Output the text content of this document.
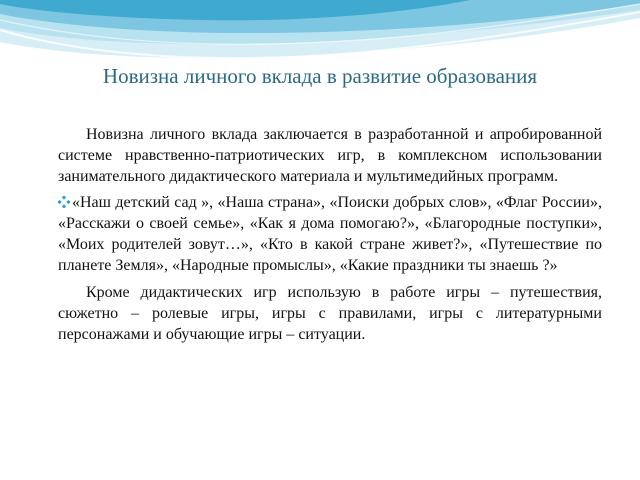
Новизна личного вклада в развитие образования

Новизна личного вклада заключается в разработанной и апробированной системе нравственно-патриотических игр, в комплексном использовании занимательного дидактического материала и мультимедийных программ.

«Наш детский сад », «Наша страна», «Поиски добрых слов», «Флаг России», «Расскажи о своей семье», «Как я дома помогаю?», «Благородные поступки», «Моих родителей зовут…», «Кто в какой стране живет?», «Путешествие по планете Земля», «Народные промыслы», «Какие праздники ты знаешь ?»

Кроме дидактических игр использую в работе игры – путешествия, сюжетно – ролевые игры, игры с правилами, игры с литературными персонажами и обучающие игры – ситуации.
